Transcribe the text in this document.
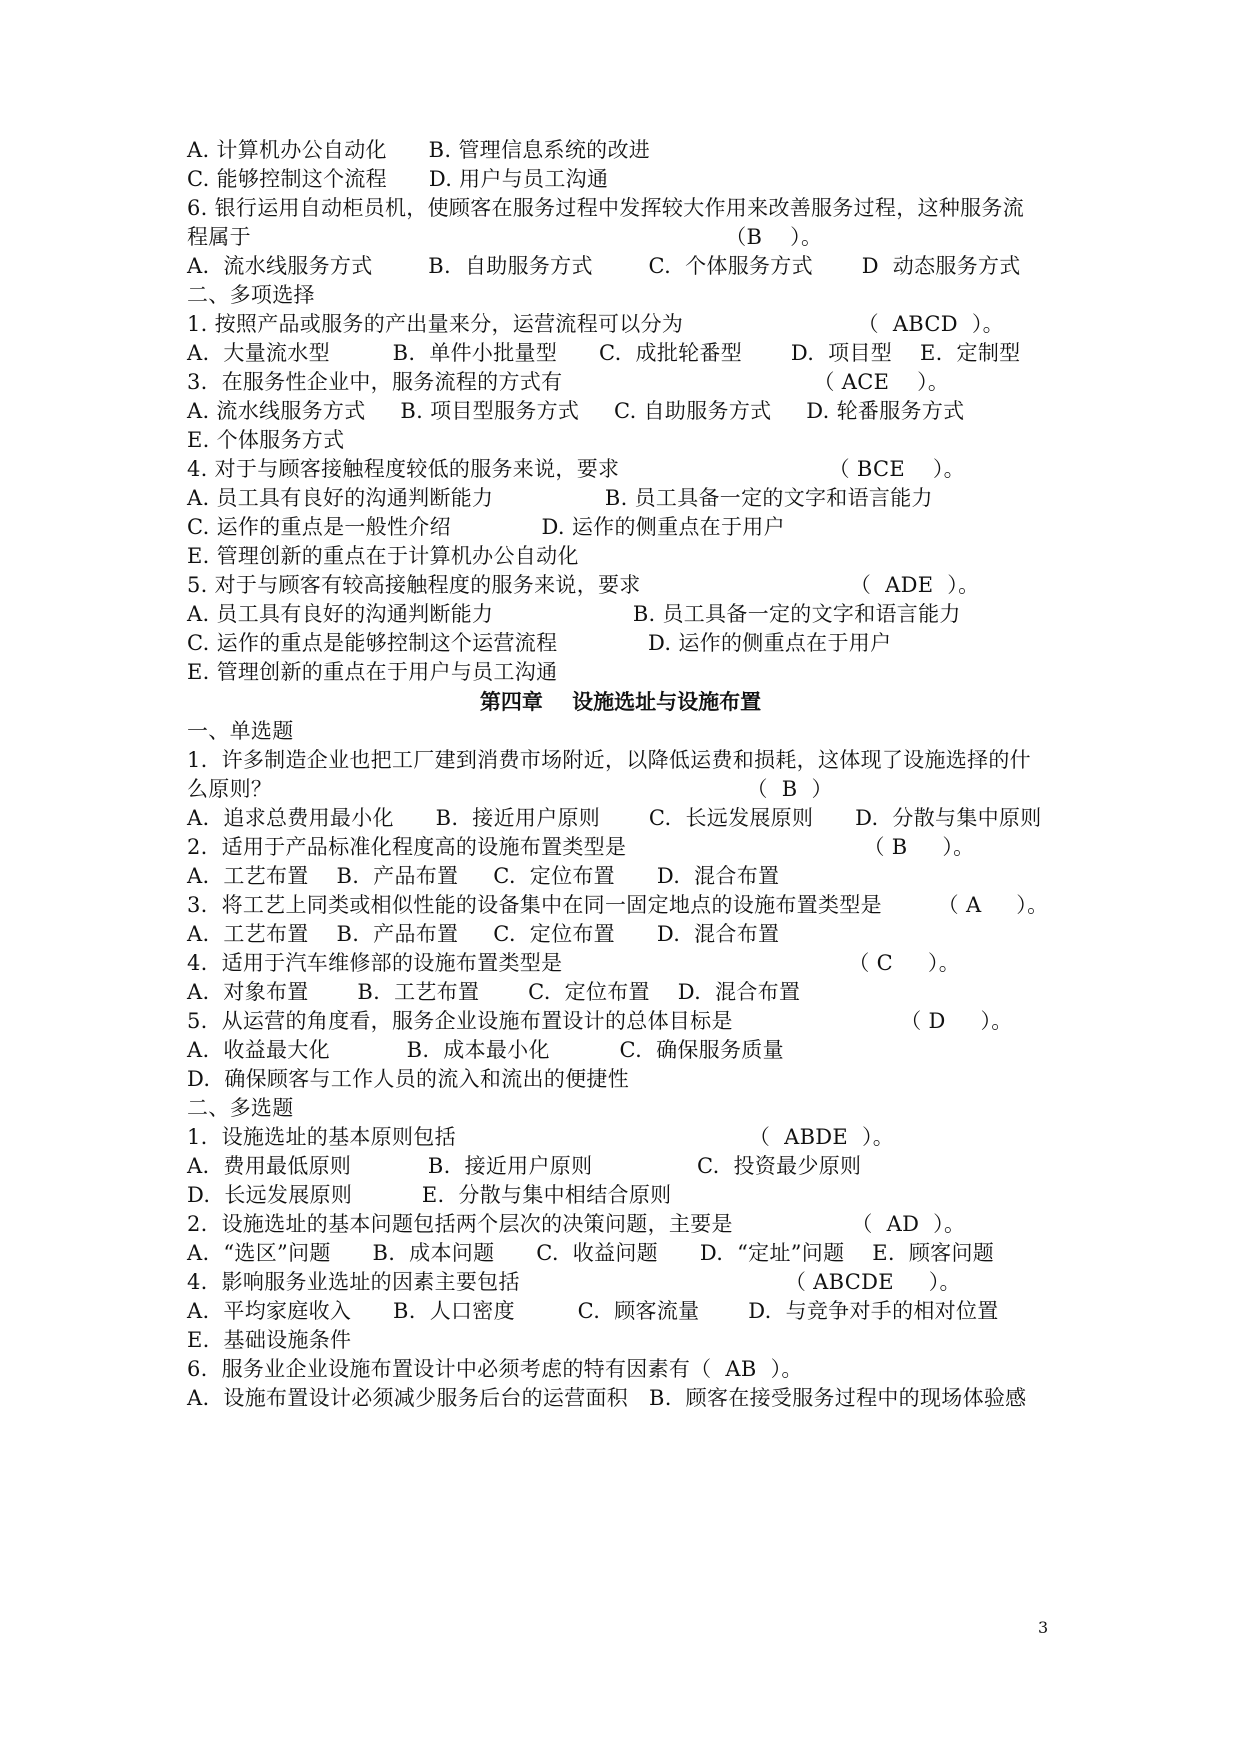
A. 计算机办公自动化      B. 管理信息系统的改进
C. 能够控制这个流程      D. 用户与员工沟通
6. 银行运用自动柜员机，使顾客在服务过程中发挥较大作用来改善服务过程，这种服务流
程属于                                                                    （B    ）。
A.  流水线服务方式        B.  自助服务方式        C.  个体服务方式       D  动态服务方式
二、多项选择
1. 按照产品或服务的产出量来分，运营流程可以分为                         （  ABCD  ）。
A.  大量流水型         B.  单件小批量型      C.  成批轮番型       D.  项目型    E.  定制型
3.  在服务性企业中，服务流程的方式有                                    （ ACE    ）。
A. 流水线服务方式     B. 项目型服务方式     C. 自助服务方式     D. 轮番服务方式
E. 个体服务方式
4. 对于与顾客接触程度较低的服务来说，要求                              （ BCE    ）。
A. 员工具有良好的沟通判断能力                B. 员工具备一定的文字和语言能力
C. 运作的重点是一般性介绍             D. 运作的侧重点在于用户
E. 管理创新的重点在于计算机办公自动化
5. 对于与顾客有较高接触程度的服务来说，要求                              （  ADE  ）。
A. 员工具有良好的沟通判断能力                    B. 员工具备一定的文字和语言能力
C. 运作的重点是能够控制这个运营流程             D. 运作的侧重点在于用户
E. 管理创新的重点在于用户与员工沟通
一、单选题
1.  许多制造企业也把工厂建到消费市场附近，以降低运费和损耗，这体现了设施选择的什
么原则？                                                                    （  B  ）
A.  追求总费用最小化      B.  接近用户原则       C.  长远发展原则      D.  分散与集中原则
2.  适用于产品标准化程度高的设施布置类型是                                  （ B     ）。
A.  工艺布置    B.  产品布置     C.  定位布置      D.  混合布置
3.  将工艺上同类或相似性能的设备集中在同一固定地点的设施布置类型是        （ A     ）。
A.  工艺布置    B.  产品布置     C.  定位布置      D.  混合布置
4.  适用于汽车维修部的设施布置类型是                                         （ C     ）。
A.  对象布置       B.  工艺布置       C.  定位布置    D.  混合布置
5.  从运营的角度看，服务企业设施布置设计的总体目标是                        （ D     ）。
A.  收益最大化           B.  成本最小化          C.  确保服务质量
D.  确保顾客与工作人员的流入和流出的便捷性
二、多选题
1.  设施选址的基本原则包括                                          （  ABDE  ）。
A.  费用最低原则           B.  接近用户原则               C.  投资最少原则
D.  长远发展原则          E.  分散与集中相结合原则
2.  设施选址的基本问题包括两个层次的决策问题，主要是                 （  AD  ）。
A.  “选区”问题      B.  成本问题      C.  收益问题      D.  “定址”问题    E.  顾客问题
4.  影响服务业选址的因素主要包括                                      （ ABCDE     ）。
A.  平均家庭收入      B.  人口密度         C.  顾客流量       D.  与竞争对手的相对位置
E.  基础设施条件
6.  服务业企业设施布置设计中必须考虑的特有因素有（  AB  ）。
A.  设施布置设计必须减少服务后台的运营面积   B.  顾客在接受服务过程中的现场体验感
第四章    设施选址与设施布置
3
